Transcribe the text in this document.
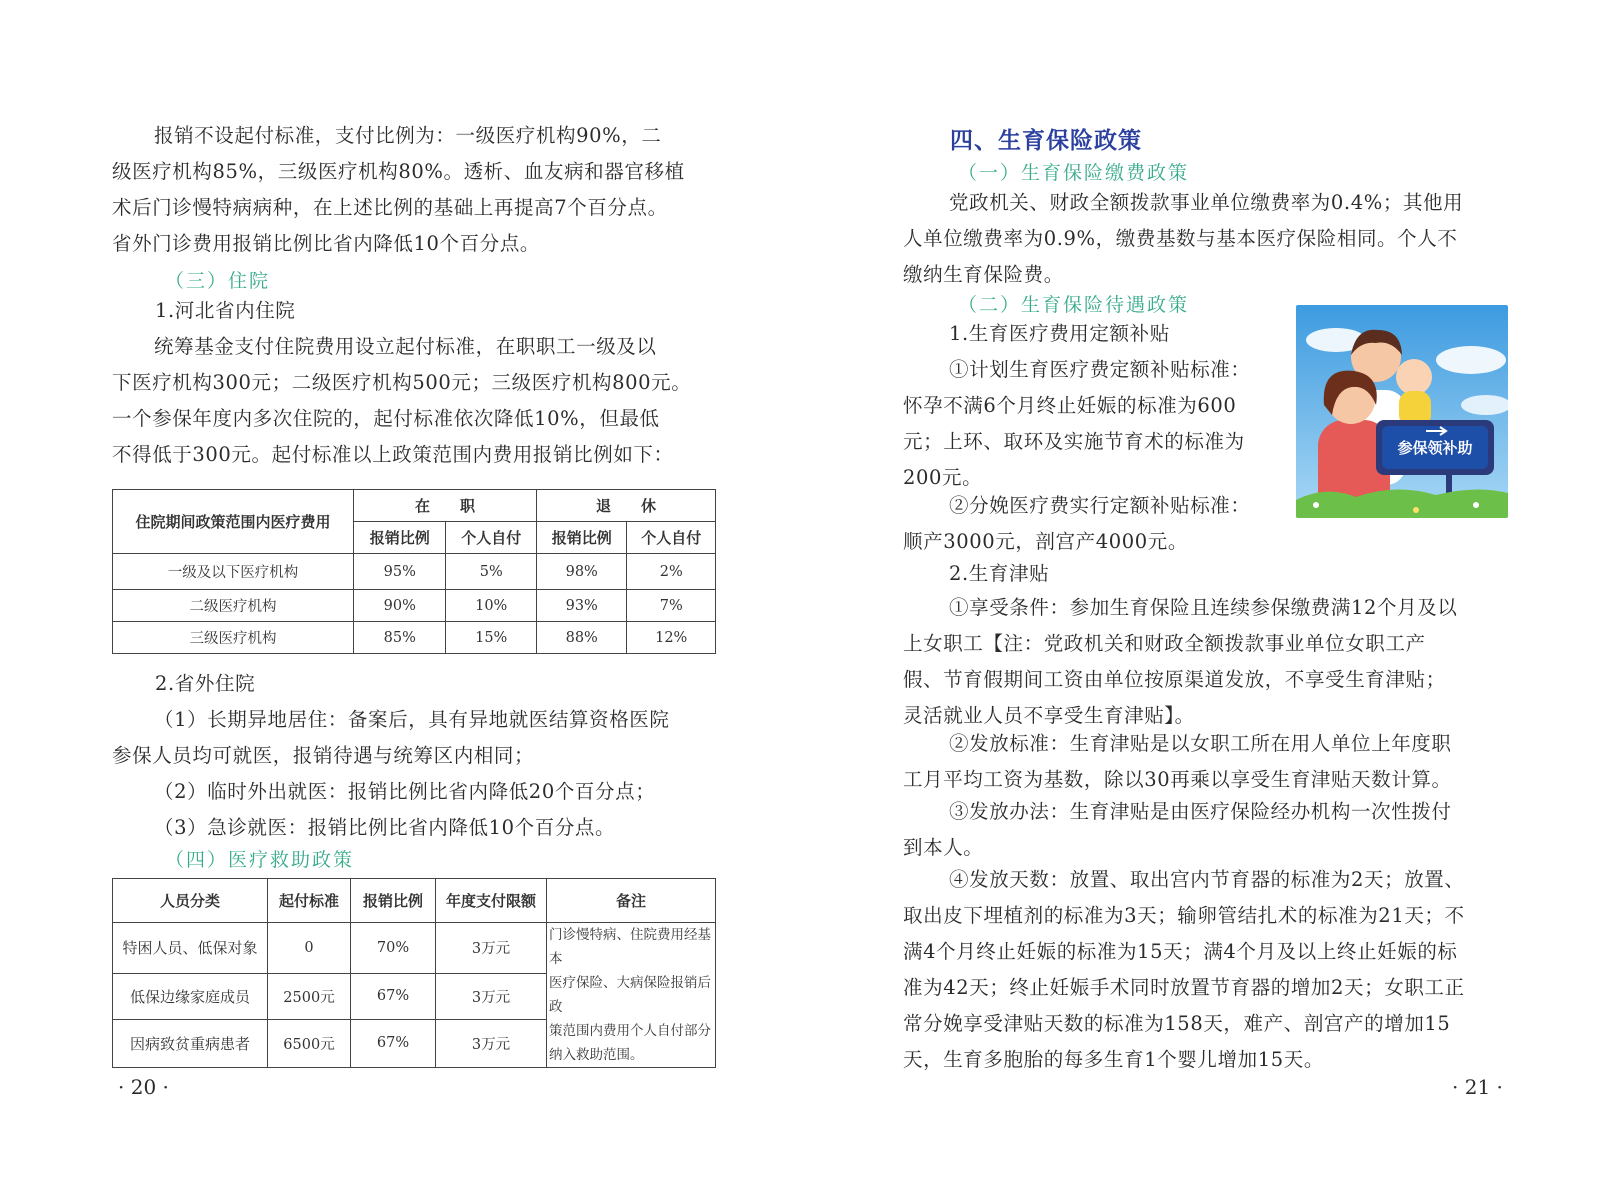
报销不设起付标准，支付比例为：一级医疗机构90%，二

级医疗机构85%，三级医疗机构80%。透析、血友病和器官移植

术后门诊慢特病病种，在上述比例的基础上再提高7个百分点。

省外门诊费用报销比例比省内降低10个百分点。

（三）住院
1.河北省内住院

统筹基金支付住院费用设立起付标准，在职职工一级及以

下医疗机构300元；二级医疗机构500元；三级医疗机构800元。

一个参保年度内多次住院的，起付标准依次降低10%，但最低

不得低于300元。起付标准以上政策范围内费用报销比例如下：

住院期间政策范围内医疗费用	在　　职		退　　休	
	报销比例	个人自付	报销比例	个人自付
一级及以下医疗机构	95%	5%	98%	2%
二级医疗机构	90%	10%	93%	7%
三级医疗机构	85%	15%	88%	12%
2.省外住院

（1）长期异地居住：备案后，具有异地就医结算资格医院

参保人员均可就医，报销待遇与统筹区内相同；

（2）临时外出就医：报销比例比省内降低20个百分点；
（3）急诊就医：报销比例比省内降低10个百分点。
（四）医疗救助政策
人员分类	起付标准	报销比例	年度支付限额	备注
特困人员、低保对象	0	70%	3万元	门诊慢特病、住院费用经基本
医疗保险、大病保险报销后政
策范围内费用个人自付部分
纳入救助范围。

低保边缘家庭成员	2500元	67%	3万元	
因病致贫重病患者	6500元	67%	3万元	
· 20 ·
四、生育保险政策
（一）生育保险缴费政策

党政机关、财政全额拨款事业单位缴费率为0.4%；其他用

人单位缴费率为0.9%，缴费基数与基本医疗保险相同。个人不

缴纳生育保险费。

（二）生育保险待遇政策
1.生育医疗费用定额补贴

①计划生育医疗费定额补贴标准：

怀孕不满6个月终止妊娠的标准为600

元；上环、取环及实施节育术的标准为

200元。

②分娩医疗费实行定额补贴标准：

顺产3000元，剖宫产4000元。

参保领补助
2.生育津贴

①享受条件：参加生育保险且连续参保缴费满12个月及以

上女职工【注：党政机关和财政全额拨款事业单位女职工产

假、节育假期间工资由单位按原渠道发放，不享受生育津贴；

灵活就业人员不享受生育津贴】。

②发放标准：生育津贴是以女职工所在用人单位上年度职

工月平均工资为基数，除以30再乘以享受生育津贴天数计算。

③发放办法：生育津贴是由医疗保险经办机构一次性拨付

到本人。

④发放天数：放置、取出宫内节育器的标准为2天；放置、

取出皮下埋植剂的标准为3天；输卵管结扎术的标准为21天；不

满4个月终止妊娠的标准为15天；满4个月及以上终止妊娠的标

准为42天；终止妊娠手术同时放置节育器的增加2天；女职工正

常分娩享受津贴天数的标准为158天，难产、剖宫产的增加15

天，生育多胞胎的每多生育1个婴儿增加15天。

· 21 ·
